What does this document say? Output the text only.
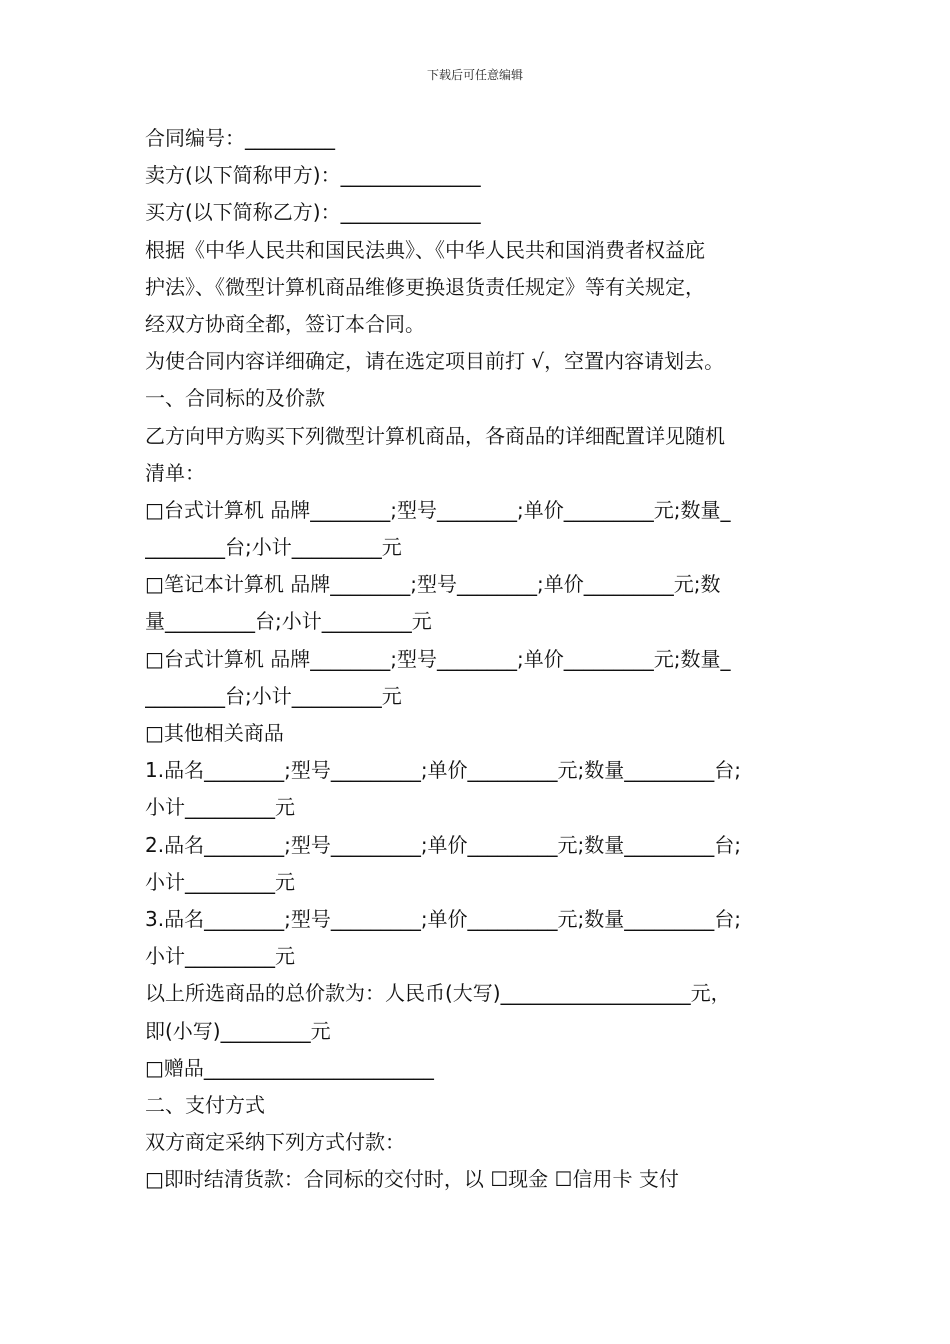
下载后可任意编辑
合同编号：_________
卖方(以下简称甲方)：______________
买方(以下简称乙方)：______________
根据《中华人民共和国民法典》、《中华人民共和国消费者权益庇
护法》、《微型计算机商品维修更换退货责任规定》等有关规定，
经双方协商全都，签订本合同。
为使合同内容详细确定，请在选定项目前打 √，空置内容请划去。
一、合同标的及价款
乙方向甲方购买下列微型计算机商品，各商品的详细配置详见随机
清单：
□台式计算机 品牌________;型号________;单价_________元;数量_
________台;小计_________元
□笔记本计算机 品牌________;型号________;单价_________元;数
量_________台;小计_________元
□台式计算机 品牌________;型号________;单价_________元;数量_
________台;小计_________元
□其他相关商品
1.品名________;型号_________;单价_________元;数量_________台;
小计_________元
2.品名________;型号_________;单价_________元;数量_________台;
小计_________元
3.品名________;型号_________;单价_________元;数量_________台;
小计_________元
以上所选商品的总价款为：人民币(大写)___________________元，
即(小写)_________元
□赠品_______________________
二、支付方式
双方商定采纳下列方式付款：
□即时结清货款：合同标的交付时，以 ☐现金 ☐信用卡 支付
